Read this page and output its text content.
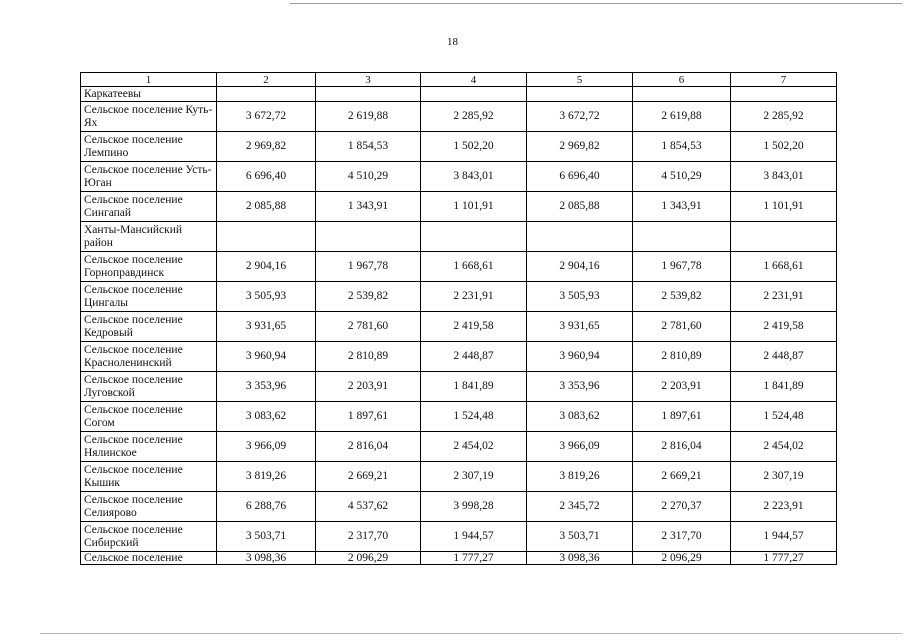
18
1	2	3	4	5	6	7
Каркатеевы						
Сельское поселение Куть-Ях	3 672,72	2 619,88	2 285,92	3 672,72	2 619,88	2 285,92
Сельское поселение Лемпино	2 969,82	1 854,53	1 502,20	2 969,82	1 854,53	1 502,20
Сельское поселение Усть-Юган	6 696,40	4 510,29	3 843,01	6 696,40	4 510,29	3 843,01
Сельское поселение Сингапай	2 085,88	1 343,91	1 101,91	2 085,88	1 343,91	1 101,91
Ханты-Мансийский район						
Сельское поселение Горноправдинск	2 904,16	1 967,78	1 668,61	2 904,16	1 967,78	1 668,61
Сельское поселение Цингалы	3 505,93	2 539,82	2 231,91	3 505,93	2 539,82	2 231,91
Сельское поселение Кедровый	3 931,65	2 781,60	2 419,58	3 931,65	2 781,60	2 419,58
Сельское поселение Красноленинский	3 960,94	2 810,89	2 448,87	3 960,94	2 810,89	2 448,87
Сельское поселение Луговской	3 353,96	2 203,91	1 841,89	3 353,96	2 203,91	1 841,89
Сельское поселение Согом	3 083,62	1 897,61	1 524,48	3 083,62	1 897,61	1 524,48
Сельское поселение Нялинское	3 966,09	2 816,04	2 454,02	3 966,09	2 816,04	2 454,02
Сельское поселение Кышик	3 819,26	2 669,21	2 307,19	3 819,26	2 669,21	2 307,19
Сельское поселение Селиярово	6 288,76	4 537,62	3 998,28	2 345,72	2 270,37	2 223,91
Сельское поселение Сибирский	3 503,71	2 317,70	1 944,57	3 503,71	2 317,70	1 944,57
Сельское поселение	3 098,36	2 096,29	1 777,27	3 098,36	2 096,29	1 777,27
